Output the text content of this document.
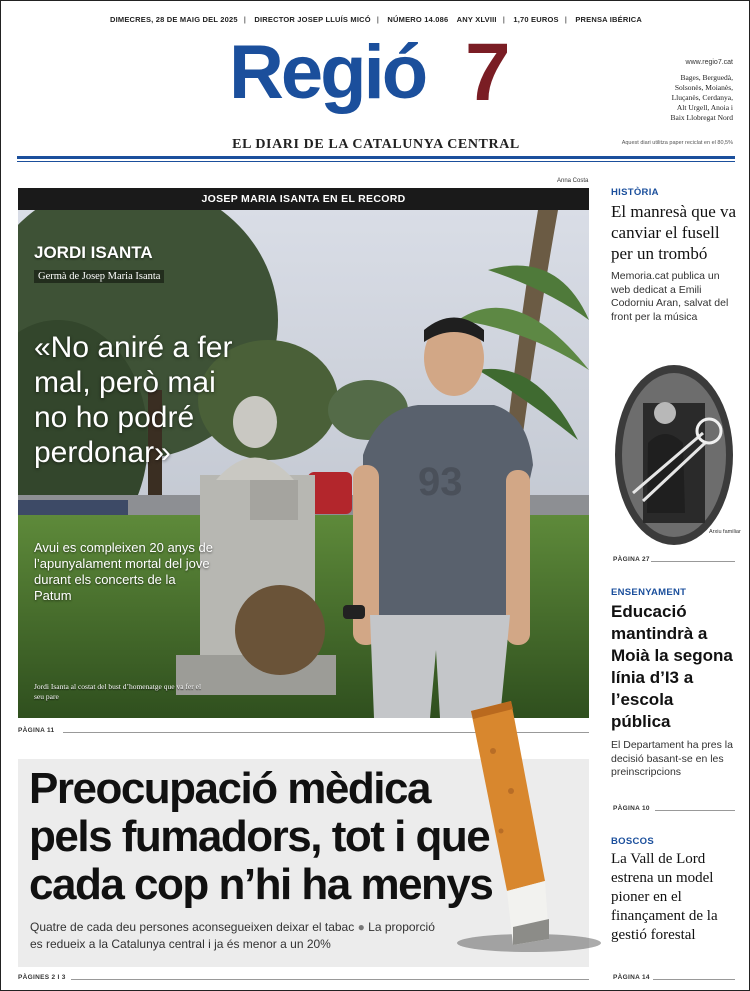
DIMECRES, 28 DE MAIG DEL 2025 | DIRECTOR JOSEP LLUÍS MICÓ | NÚMERO 14.086 ANY XLVIII | 1,70 EUROS | PRENSA IBÉRICA
Regió 7	www.regio7.cat
Bages, Berguedà,
Solsonès, Moianès,
Lluçanès, Cerdanya,
Alt Urgell, Anoia i
Baix Llobregat Nord
EL DIARI DE LA CATALUNYA CENTRAL	Aquest diari utilitza paper reciclat en el 80,5%
Anna Costa
JOSEP MARIA ISANTA EN EL RECORD
93
JORDI ISANTA
Germà de Josep Maria Isanta
«No aniré a fer mal, però mai no ho podré perdonar»
Avui es compleixen 20 anys de l’apunyalament mortal del jove durant els concerts de la Patum
Jordi Isanta al costat del bust d’homenatge que va fer el seu pare
PÀGINA 11
Preocupació mèdica pels fumadors, tot i que cada cop n’hi ha menys
Quatre de cada deu persones aconsegueixen deixar el tabac ● La proporció es redueix a la Catalunya central i ja és menor a un 20%
PÀGINES 2 I 3
HISTÒRIA
El manresà que va canviar el fusell per un trombó
Memoria.cat publica un web dedicat a Emili Codorniu Aran, salvat del front per la música
Arxiu familiar
PÀGINA 27
ENSENYAMENT
Educació mantindrà a Moià la segona línia d’I3 a l’escola pública
El Departament ha pres la decisió basant-se en les preinscripcions
PÀGINA 10
BOSCOS
La Vall de Lord estrena un model pioner en el finançament de la gestió forestal
PÀGINA 14
